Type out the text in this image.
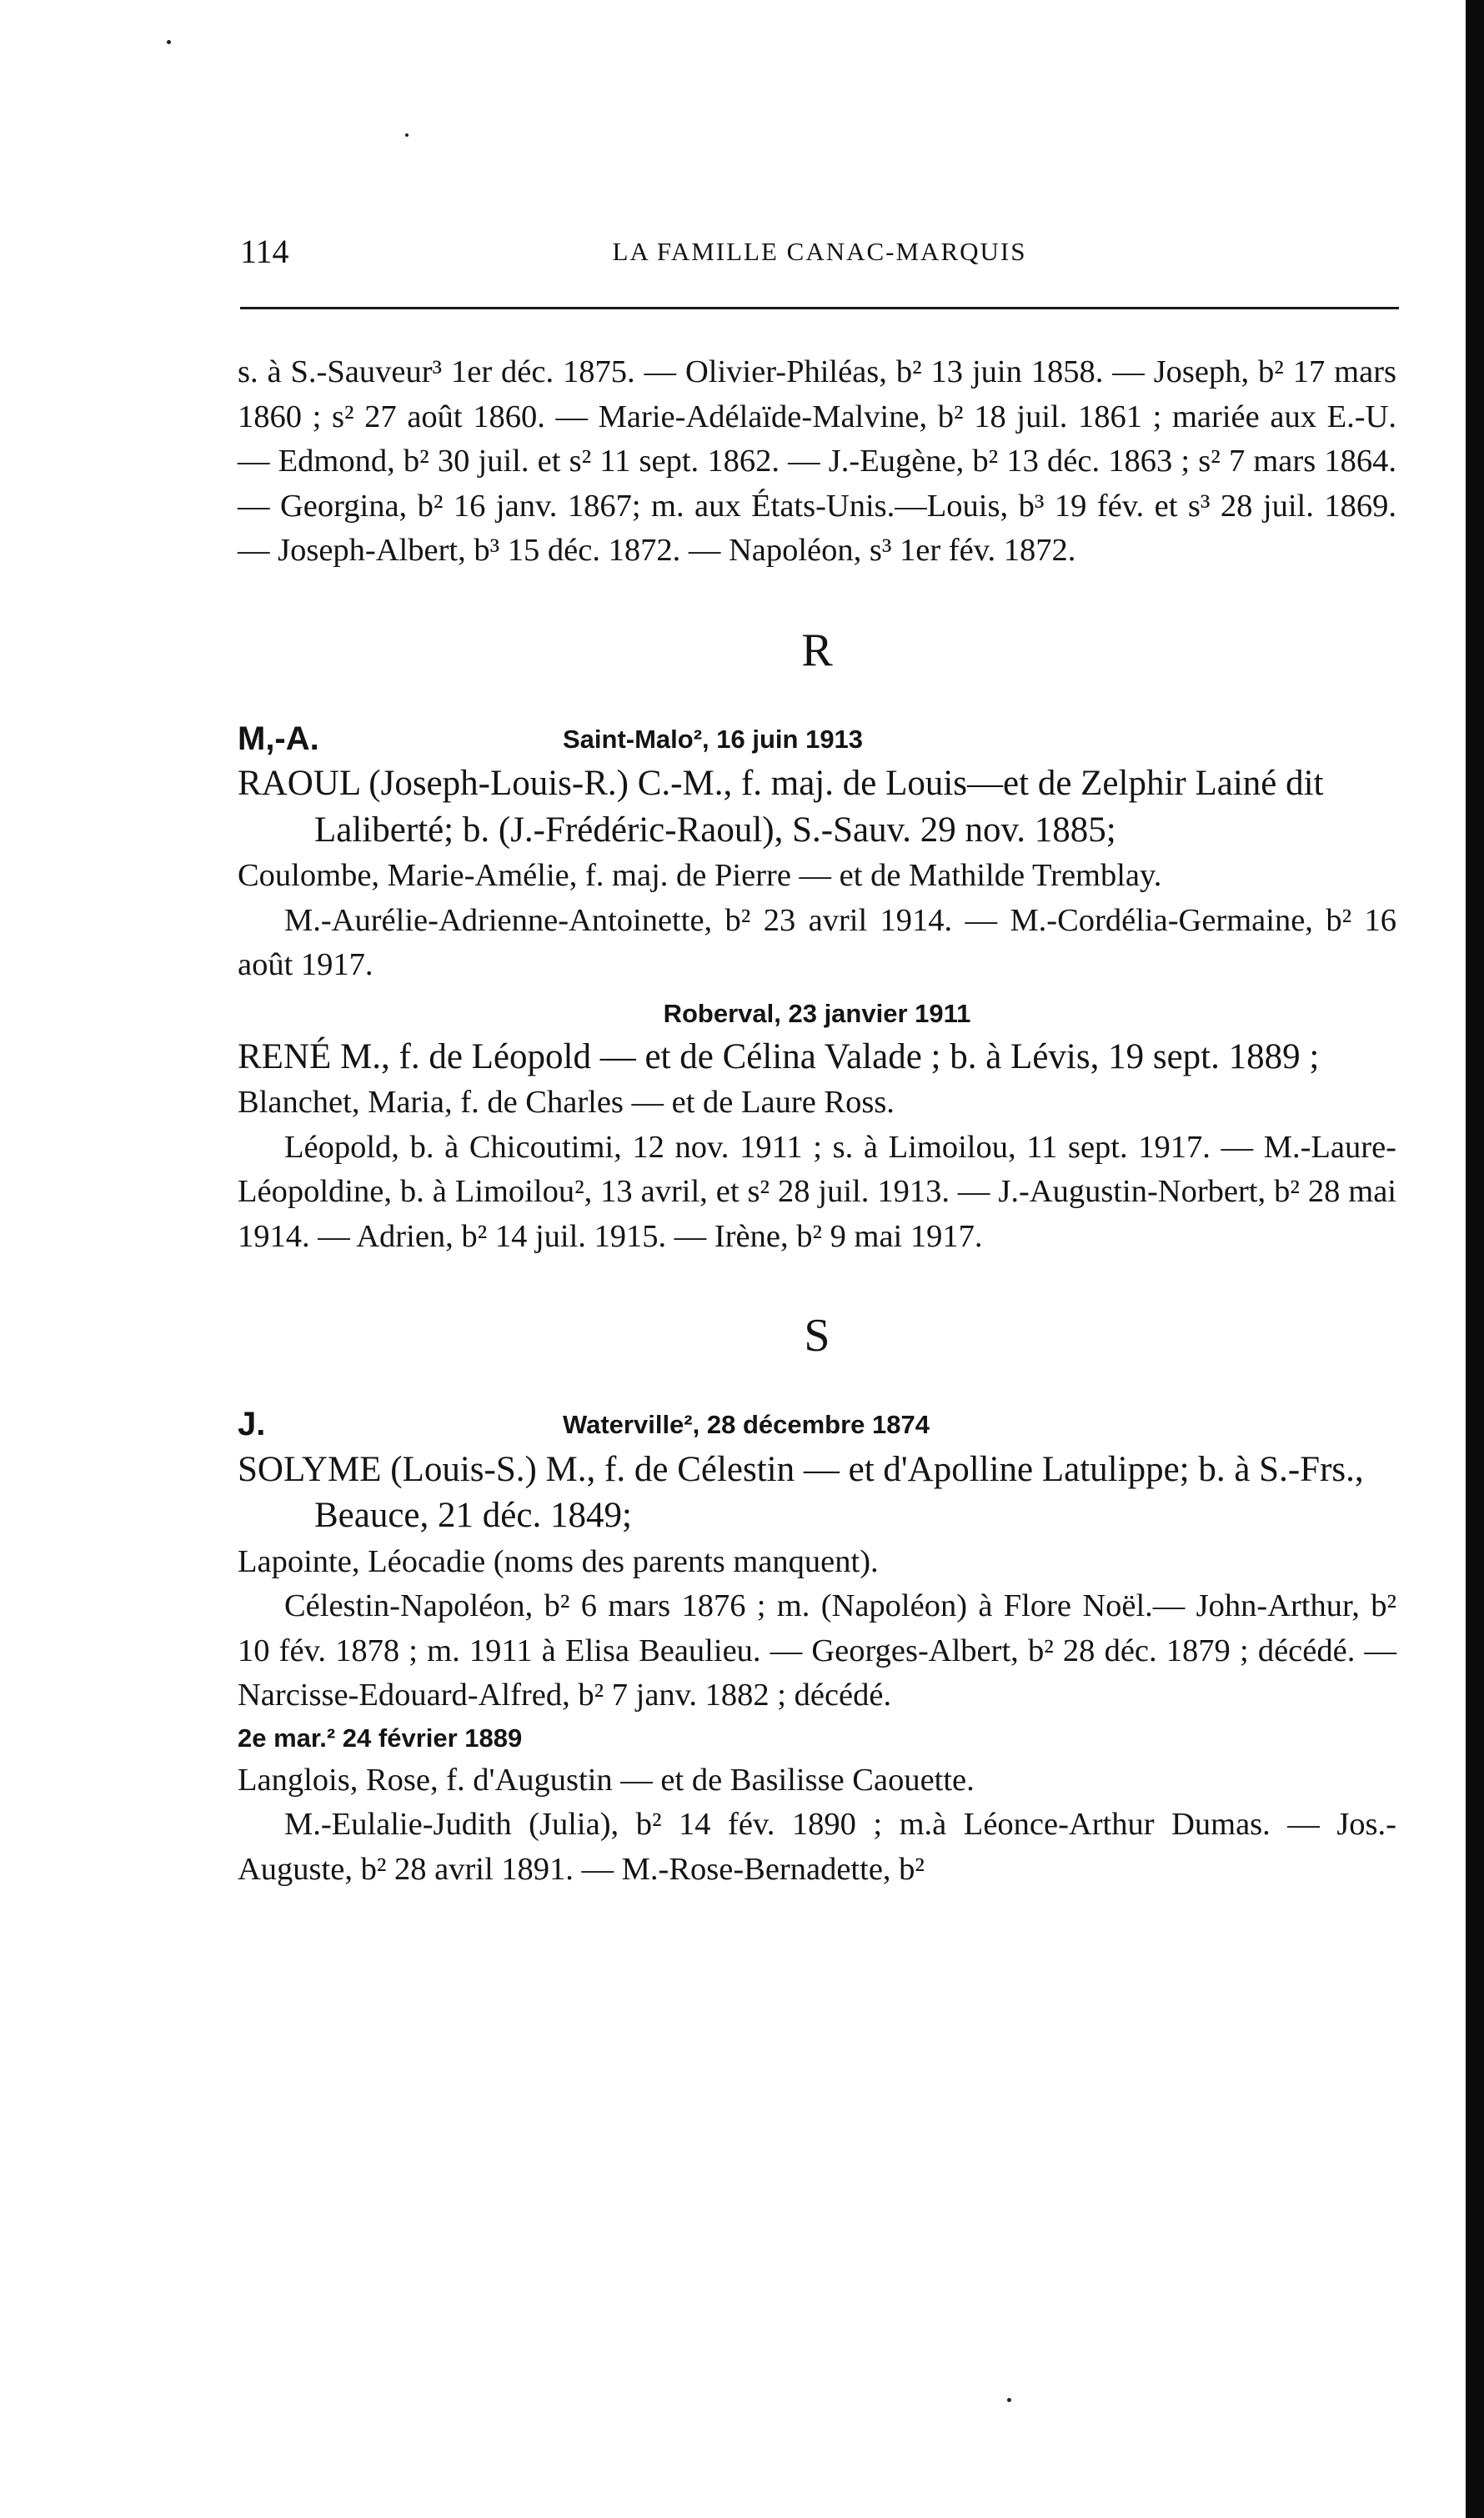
114	LA FAMILLE CANAC-MARQUIS

s. à S.-Sauveur³ 1er déc. 1875. — Olivier-Philéas, b² 13 juin 1858. — Joseph, b² 17 mars 1860 ; s² 27 août 1860. — Marie-Adélaïde-Malvine, b² 18 juil. 1861 ; mariée aux E.-U. — Edmond, b² 30 juil. et s² 11 sept. 1862. — J.-Eugène, b² 13 déc. 1863 ; s² 7 mars 1864. — Georgina, b² 16 janv. 1867; m. aux États-Unis.—Louis, b³ 19 fév. et s³ 28 juil. 1869. — Joseph-Albert, b³ 15 déc. 1872. — Napoléon, s³ 1er fév. 1872.

R
M,-A.	Saint-Malo², 16 juin 1913

RAOUL (Joseph-Louis-R.) C.-M., f. maj. de Louis—et de Zelphir Lainé dit Laliberté; b. (J.-Frédéric-Raoul), S.-Sauv. 29 nov. 1885;

Coulombe, Marie-Amélie, f. maj. de Pierre — et de Mathilde Tremblay.

M.-Aurélie-Adrienne-Antoinette, b² 23 avril 1914. — M.-Cordélia-Germaine, b² 16 août 1917.

Roberval, 23 janvier 1911

RENÉ M., f. de Léopold — et de Célina Valade ; b. à Lévis, 19 sept. 1889 ;

Blanchet, Maria, f. de Charles — et de Laure Ross.

Léopold, b. à Chicoutimi, 12 nov. 1911 ; s. à Limoilou, 11 sept. 1917. — M.-Laure-Léopoldine, b. à Limoilou², 13 avril, et s² 28 juil. 1913. — J.-Augustin-Norbert, b² 28 mai 1914. — Adrien, b² 14 juil. 1915. — Irène, b² 9 mai 1917.

S
J.	Waterville², 28 décembre 1874

SOLYME (Louis-S.) M., f. de Célestin — et d'Apolline Latulippe; b. à S.-Frs., Beauce, 21 déc. 1849;

Lapointe, Léocadie (noms des parents manquent).

Célestin-Napoléon, b² 6 mars 1876 ; m. (Napoléon) à Flore Noël.— John-Arthur, b² 10 fév. 1878 ; m. 1911 à Elisa Beaulieu. — Georges-Albert, b² 28 déc. 1879 ; décédé. — Narcisse-Edouard-Alfred, b² 7 janv. 1882 ; décédé.

2e mar.² 24 février 1889

Langlois, Rose, f. d'Augustin — et de Basilisse Caouette.

M.-Eulalie-Judith (Julia), b² 14 fév. 1890 ; m.à Léonce-Arthur Dumas. — Jos.-Auguste, b² 28 avril 1891. — M.-Rose-Bernadette, b²
